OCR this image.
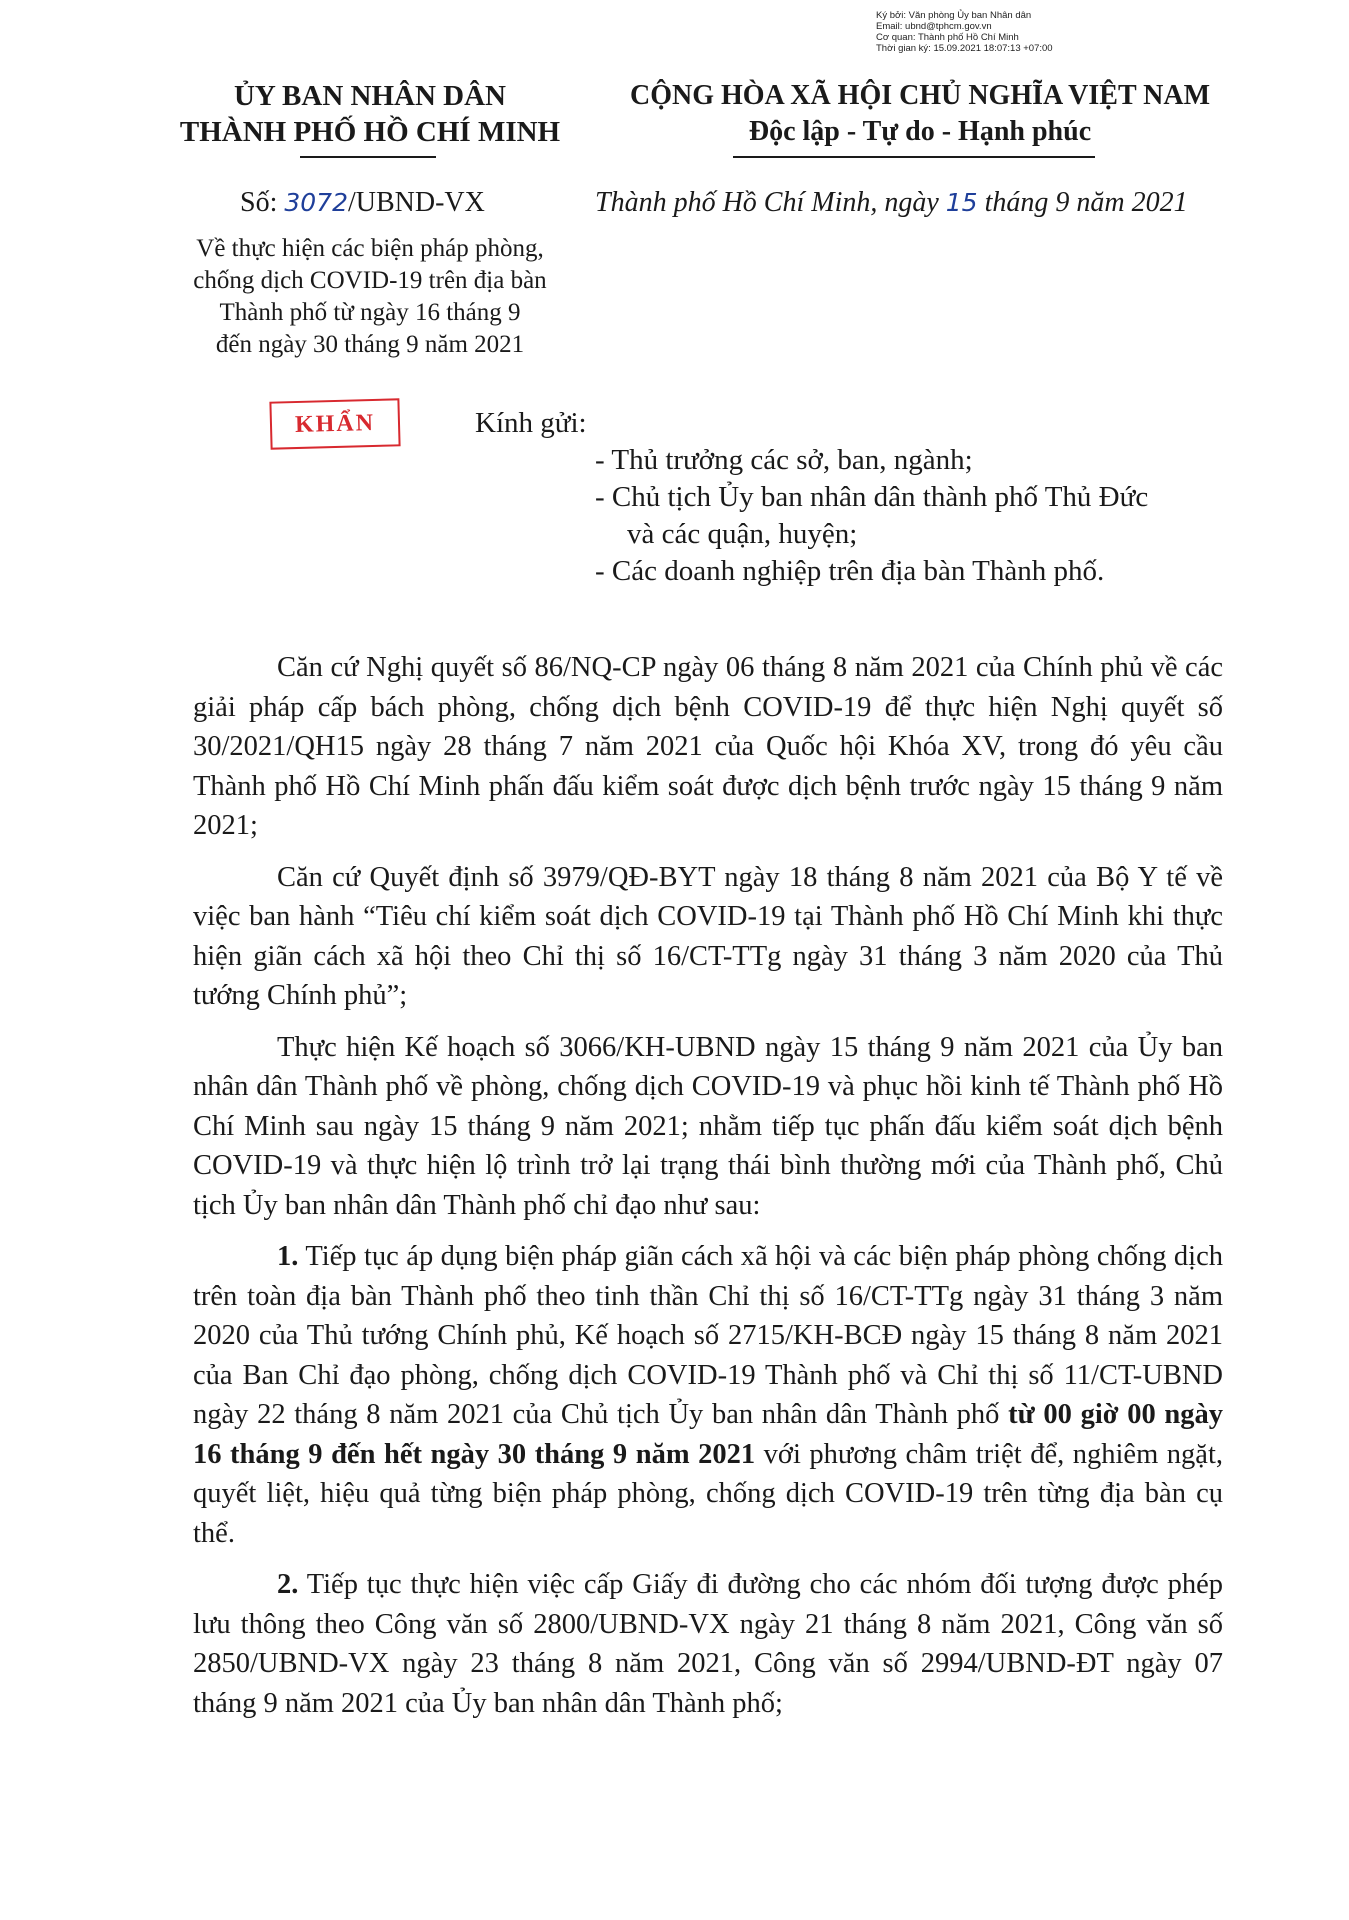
Ký bởi: Văn phòng Ủy ban Nhân dân
Email: ubnd@tphcm.gov.vn
Cơ quan: Thành phố Hồ Chí Minh
Thời gian ký: 15.09.2021 18:07:13 +07:00
ỦY BAN NHÂN DÂN
THÀNH PHỐ HỒ CHÍ MINH
CỘNG HÒA XÃ HỘI CHỦ NGHĨA VIỆT NAM
Độc lập - Tự do - Hạnh phúc
Số: 3072/UBND-VX	Thành phố Hồ Chí Minh, ngày 15 tháng 9 năm 2021
Về thực hiện các biện pháp phòng,
chống dịch COVID-19 trên địa bàn
Thành phố từ ngày 16 tháng 9
đến ngày 30 tháng 9 năm 2021
KHẨN	Kính gửi:
- Thủ trưởng các sở, ban, ngành;
- Chủ tịch Ủy ban nhân dân thành phố Thủ Đức
và các quận, huyện;
- Các doanh nghiệp trên địa bàn Thành phố.

Căn cứ Nghị quyết số 86/NQ-CP ngày 06 tháng 8 năm 2021 của Chính phủ về các giải pháp cấp bách phòng, chống dịch bệnh COVID-19 để thực hiện Nghị quyết số 30/2021/QH15 ngày 28 tháng 7 năm 2021 của Quốc hội Khóa XV, trong đó yêu cầu Thành phố Hồ Chí Minh phấn đấu kiểm soát được dịch bệnh trước ngày 15 tháng 9 năm 2021;

Căn cứ Quyết định số 3979/QĐ-BYT ngày 18 tháng 8 năm 2021 của Bộ Y tế về việc ban hành “Tiêu chí kiểm soát dịch COVID-19 tại Thành phố Hồ Chí Minh khi thực hiện giãn cách xã hội theo Chỉ thị số 16/CT-TTg ngày 31 tháng 3 năm 2020 của Thủ tướng Chính phủ”;

Thực hiện Kế hoạch số 3066/KH-UBND ngày 15 tháng 9 năm 2021 của Ủy ban nhân dân Thành phố về phòng, chống dịch COVID-19 và phục hồi kinh tế Thành phố Hồ Chí Minh sau ngày 15 tháng 9 năm 2021; nhằm tiếp tục phấn đấu kiểm soát dịch bệnh COVID-19 và thực hiện lộ trình trở lại trạng thái bình thường mới của Thành phố, Chủ tịch Ủy ban nhân dân Thành phố chỉ đạo như sau:

1. Tiếp tục áp dụng biện pháp giãn cách xã hội và các biện pháp phòng chống dịch trên toàn địa bàn Thành phố theo tinh thần Chỉ thị số 16/CT-TTg ngày 31 tháng 3 năm 2020 của Thủ tướng Chính phủ, Kế hoạch số 2715/KH-BCĐ ngày 15 tháng 8 năm 2021 của Ban Chỉ đạo phòng, chống dịch COVID-19 Thành phố và Chỉ thị số 11/CT-UBND ngày 22 tháng 8 năm 2021 của Chủ tịch Ủy ban nhân dân Thành phố từ 00 giờ 00 ngày 16 tháng 9 đến hết ngày 30 tháng 9 năm 2021 với phương châm triệt để, nghiêm ngặt, quyết liệt, hiệu quả từng biện pháp phòng, chống dịch COVID-19 trên từng địa bàn cụ thể.

2. Tiếp tục thực hiện việc cấp Giấy đi đường cho các nhóm đối tượng được phép lưu thông theo Công văn số 2800/UBND-VX ngày 21 tháng 8 năm 2021, Công văn số 2850/UBND-VX ngày 23 tháng 8 năm 2021, Công văn số 2994/UBND-ĐT ngày 07 tháng 9 năm 2021 của Ủy ban nhân dân Thành phố;
